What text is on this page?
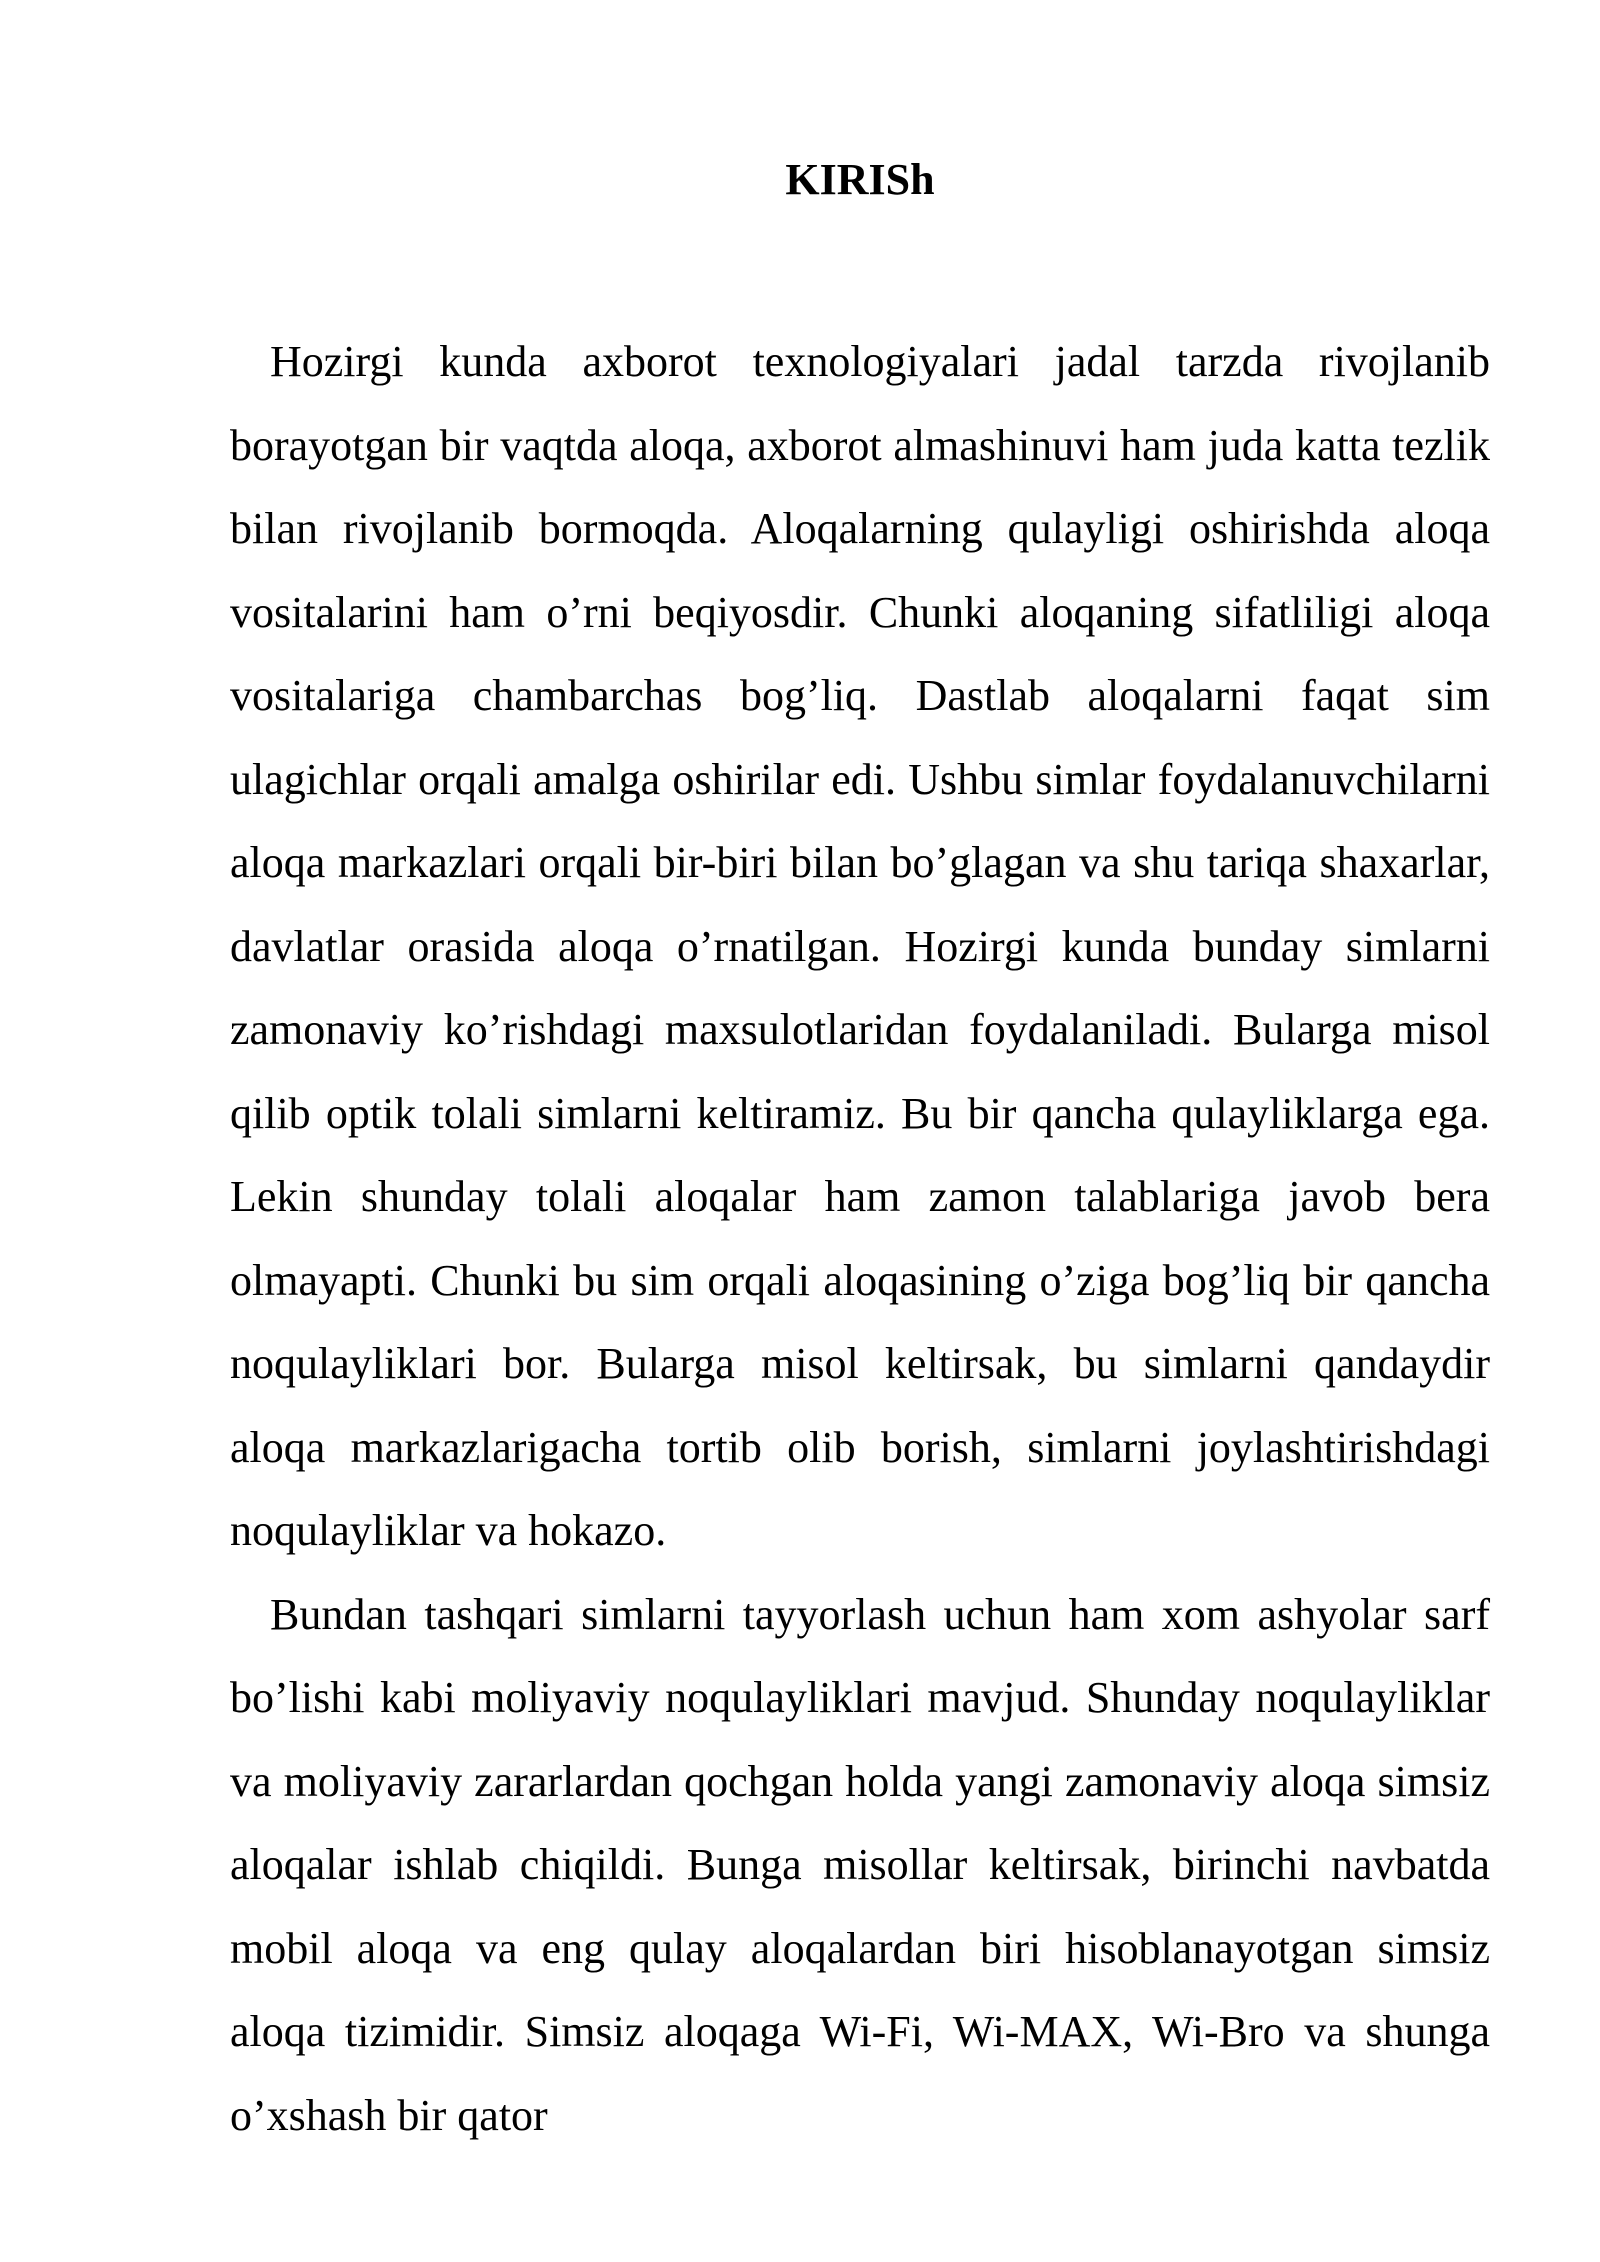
KIRISh

Hozirgi kunda axborot texnologiyalari jadal tarzda rivojlanib borayotgan bir vaqtda aloqa, axborot almashinuvi ham juda katta tezlik bilan rivojlanib bormoqda. Aloqalarning qulayligi oshirishda aloqa vositalarini ham o’rni beqiyosdir. Chunki aloqaning sifatliligi aloqa vositalariga chambarchas bog’liq. Dastlab aloqalarni faqat sim ulagichlar orqali amalga oshirilar edi. Ushbu simlar foydalanuvchilarni aloqa markazlari orqali bir-biri bilan bo’glagan va shu tariqa shaxarlar, davlatlar orasida aloqa o’rnatilgan. Hozirgi kunda bunday simlarni zamonaviy ko’rishdagi maxsulotlaridan foydalaniladi. Bularga misol qilib optik tolali simlarni keltiramiz. Bu bir qancha qulayliklarga ega. Lekin shunday tolali aloqalar ham zamon talablariga javob bera olmayapti. Chunki bu sim orqali aloqasining o’ziga bog’liq bir qancha noqulayliklari bor. Bularga misol keltirsak, bu simlarni qandaydir aloqa markazlarigacha tortib olib borish, simlarni joylashtirishdagi noqulayliklar va hokazo.

Bundan tashqari simlarni tayyorlash uchun ham xom ashyolar sarf bo’lishi kabi moliyaviy noqulayliklari mavjud. Shunday noqulayliklar va moliyaviy zararlardan qochgan holda yangi zamonaviy aloqa simsiz aloqalar ishlab chiqildi. Bunga misollar keltirsak, birinchi navbatda mobil aloqa va eng qulay aloqalardan biri hisoblanayotgan simsiz aloqa tizimidir. Simsiz aloqaga Wi-Fi, Wi-MAX, Wi-Bro va shunga o’xshash bir qator
